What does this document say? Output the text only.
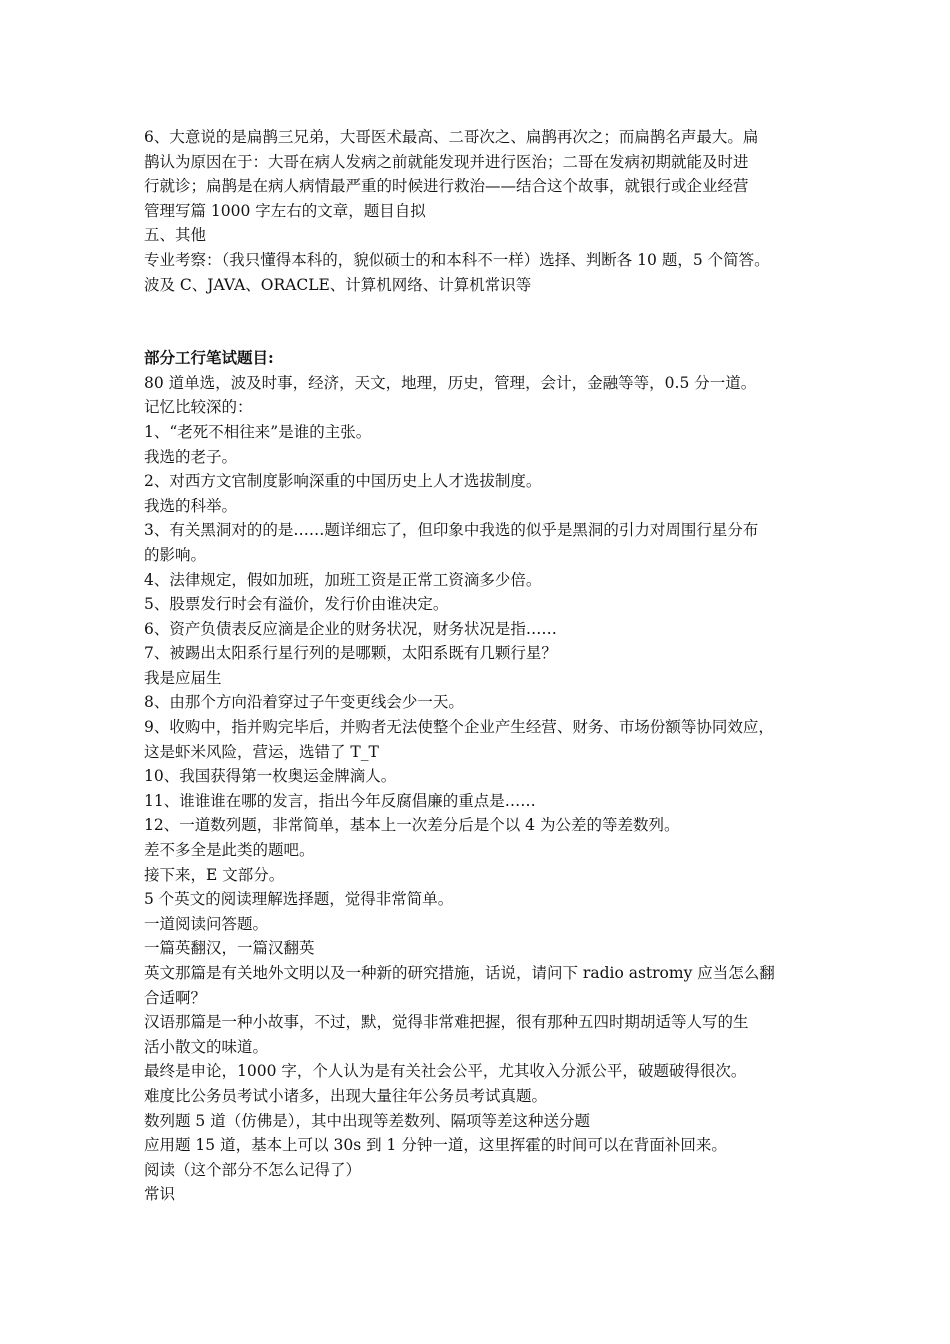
6、大意说的是扁鹊三兄弟，大哥医术最高、二哥次之、扁鹊再次之；而扁鹊名声最大。扁
鹊认为原因在于：大哥在病人发病之前就能发现并进行医治；二哥在发病初期就能及时进
行就诊；扁鹊是在病人病情最严重的时候进行救治——结合这个故事，就银行或企业经营
管理写篇 1000 字左右的文章，题目自拟
五、其他
专业考察：（我只懂得本科的，貌似硕士的和本科不一样）选择、判断各 10 题，5 个简答。
波及 C、JAVA、ORACLE、计算机网络、计算机常识等
部分工行笔试题目:
80 道单选，波及时事，经济，天文，地理，历史，管理，会计，金融等等，0.5 分一道。
记忆比较深的：
1、“老死不相往来”是谁的主张。
我选的老子。
2、对西方文官制度影响深重的中国历史上人才选拔制度。
我选的科举。
3、有关黑洞对的的是……题详细忘了，但印象中我选的似乎是黑洞的引力对周围行星分布
的影响。
4、法律规定，假如加班，加班工资是正常工资滴多少倍。
5、股票发行时会有溢价，发行价由谁决定。
6、资产负债表反应滴是企业的财务状况，财务状况是指……
7、被踢出太阳系行星行列的是哪颗，太阳系既有几颗行星？
我是应届生
8、由那个方向沿着穿过子午变更线会少一天。
9、收购中，指并购完毕后，并购者无法使整个企业产生经营、财务、市场份额等协同效应，
这是虾米风险，营运，选错了 T_T
10、我国获得第一枚奥运金牌滴人。
11、谁谁谁在哪的发言，指出今年反腐倡廉的重点是……
12、一道数列题，非常简单，基本上一次差分后是个以 4 为公差的等差数列。
差不多全是此类的题吧。
接下来，E 文部分。
5 个英文的阅读理解选择题，觉得非常简单。
一道阅读问答题。
一篇英翻汉，一篇汉翻英
英文那篇是有关地外文明以及一种新的研究措施，话说，请问下 radio astromy 应当怎么翻
合适啊？
汉语那篇是一种小故事，不过，默，觉得非常难把握，很有那种五四时期胡适等人写的生
活小散文的味道。
最终是申论，1000 字，个人认为是有关社会公平，尤其收入分派公平，破题破得很次。
难度比公务员考试小诸多，出现大量往年公务员考试真题。
数列题 5 道（仿佛是），其中出现等差数列、隔项等差这种送分题
应用题 15 道，基本上可以 30s 到 1 分钟一道，这里挥霍的时间可以在背面补回来。
阅读（这个部分不怎么记得了）
常识
